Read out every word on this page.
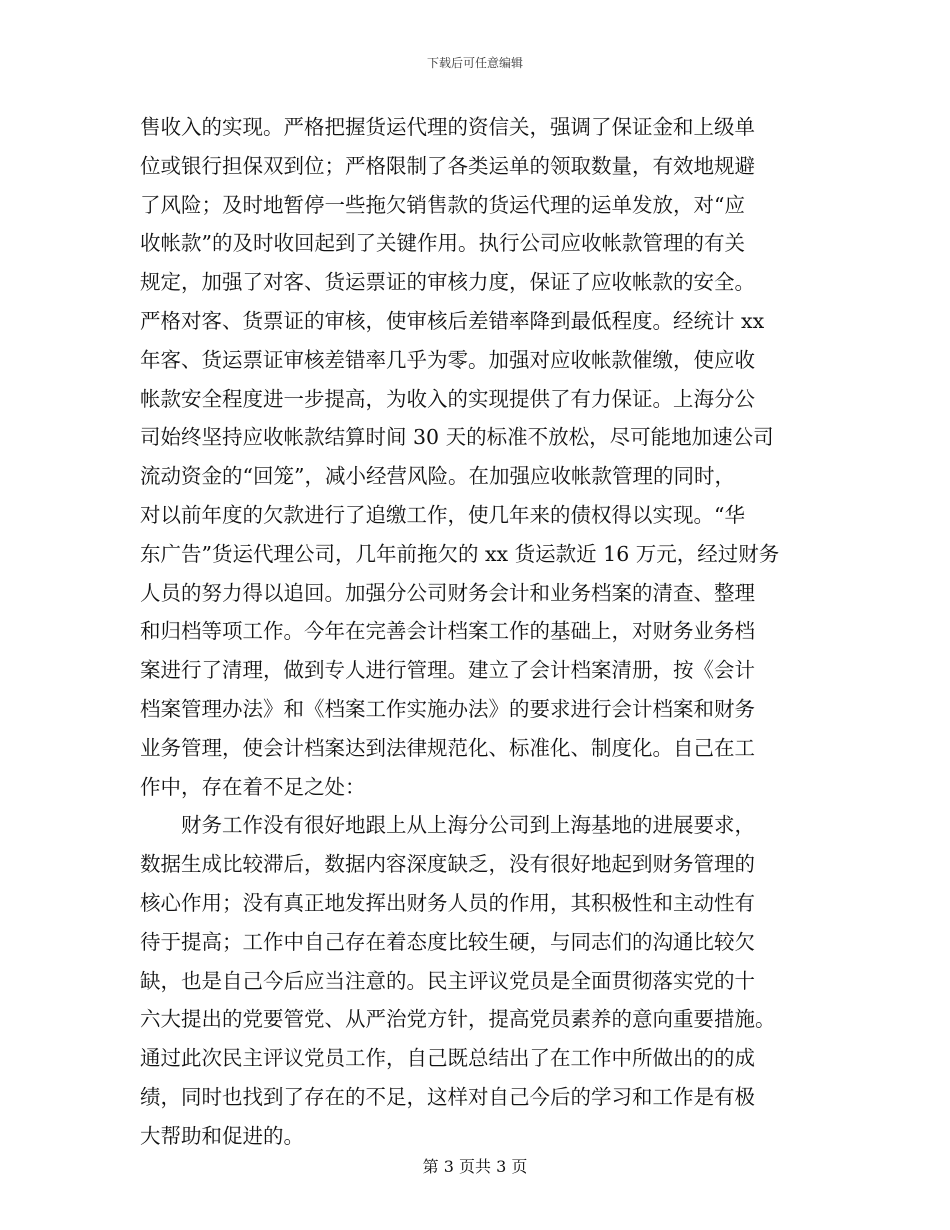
下载后可任意编辑
售收入的实现。严格把握货运代理的资信关，强调了保证金和上级单
位或银行担保双到位；严格限制了各类运单的领取数量，有效地规避
了风险；及时地暂停一些拖欠销售款的货运代理的运单发放，对“应
收帐款”的及时收回起到了关键作用。执行公司应收帐款管理的有关
规定，加强了对客、货运票证的审核力度，保证了应收帐款的安全。
严格对客、货票证的审核，使审核后差错率降到最低程度。经统计 xx
年客、货运票证审核差错率几乎为零。加强对应收帐款催缴，使应收
帐款安全程度进一步提高，为收入的实现提供了有力保证。上海分公
司始终坚持应收帐款结算时间 30 天的标准不放松，尽可能地加速公司
流动资金的“回笼”，减小经营风险。在加强应收帐款管理的同时，
对以前年度的欠款进行了追缴工作，使几年来的债权得以实现。“华
东广告”货运代理公司，几年前拖欠的 xx 货运款近 16 万元，经过财务
人员的努力得以追回。加强分公司财务会计和业务档案的清查、整理
和归档等项工作。今年在完善会计档案工作的基础上，对财务业务档
案进行了清理，做到专人进行管理。建立了会计档案清册，按《会计
档案管理办法》和《档案工作实施办法》的要求进行会计档案和财务
业务管理，使会计档案达到法律规范化、标准化、制度化。自己在工
作中，存在着不足之处：
　　财务工作没有很好地跟上从上海分公司到上海基地的进展要求，
数据生成比较滞后，数据内容深度缺乏，没有很好地起到财务管理的
核心作用；没有真正地发挥出财务人员的作用，其积极性和主动性有
待于提高；工作中自己存在着态度比较生硬，与同志们的沟通比较欠
缺，也是自己今后应当注意的。民主评议党员是全面贯彻落实党的十
六大提出的党要管党、从严治党方针，提高党员素养的意向重要措施。
通过此次民主评议党员工作，自己既总结出了在工作中所做出的的成
绩，同时也找到了存在的不足，这样对自己今后的学习和工作是有极
大帮助和促进的。
第 3 页共 3 页
